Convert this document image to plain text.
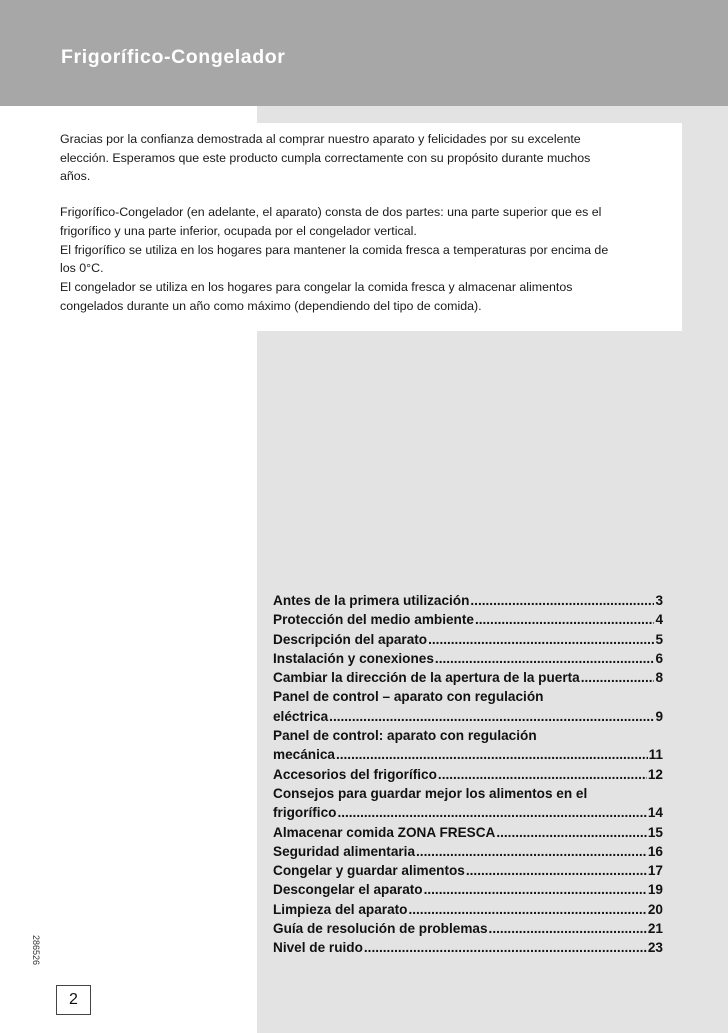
Frigorífico-Congelador

Gracias por la confianza demostrada al comprar nuestro aparato y felicidades por su excelente
elección. Esperamos que este producto cumpla correctamente con su propósito durante muchos
años.

Frigorífico-Congelador (en adelante, el aparato) consta de dos partes: una parte superior que es el
frigorífico y una parte inferior, ocupada por el congelador vertical.
El frigorífico se utiliza en los hogares para mantener la comida fresca a temperaturas por encima de
los 0°C.
El congelador se utiliza en los hogares para congelar la comida fresca y almacenar alimentos
congelados durante un año como máximo (dependiendo del tipo de comida).

Antes de la primera utilización .....	3
Protección del medio ambiente .....	4
Descripción del aparato .....	5
Instalación y conexiones .....	6
Cambiar la dirección de la apertura de la puerta .....	8
Panel de control – aparato con regulación
eléctrica .....	9
Panel de control: aparato con regulación
mecánica .....	11
Accesorios del frigorífico .....	12
Consejos para guardar mejor los alimentos en el
frigorífico .....	14
Almacenar comida ZONA FRESCA .....	15
Seguridad alimentaria .....	16
Congelar y guardar alimentos .....	17
Descongelar el aparato .....	19
Limpieza del aparato .....	20
Guía de resolución de problemas .....	21
Nivel de ruido .....	23
286526
2
